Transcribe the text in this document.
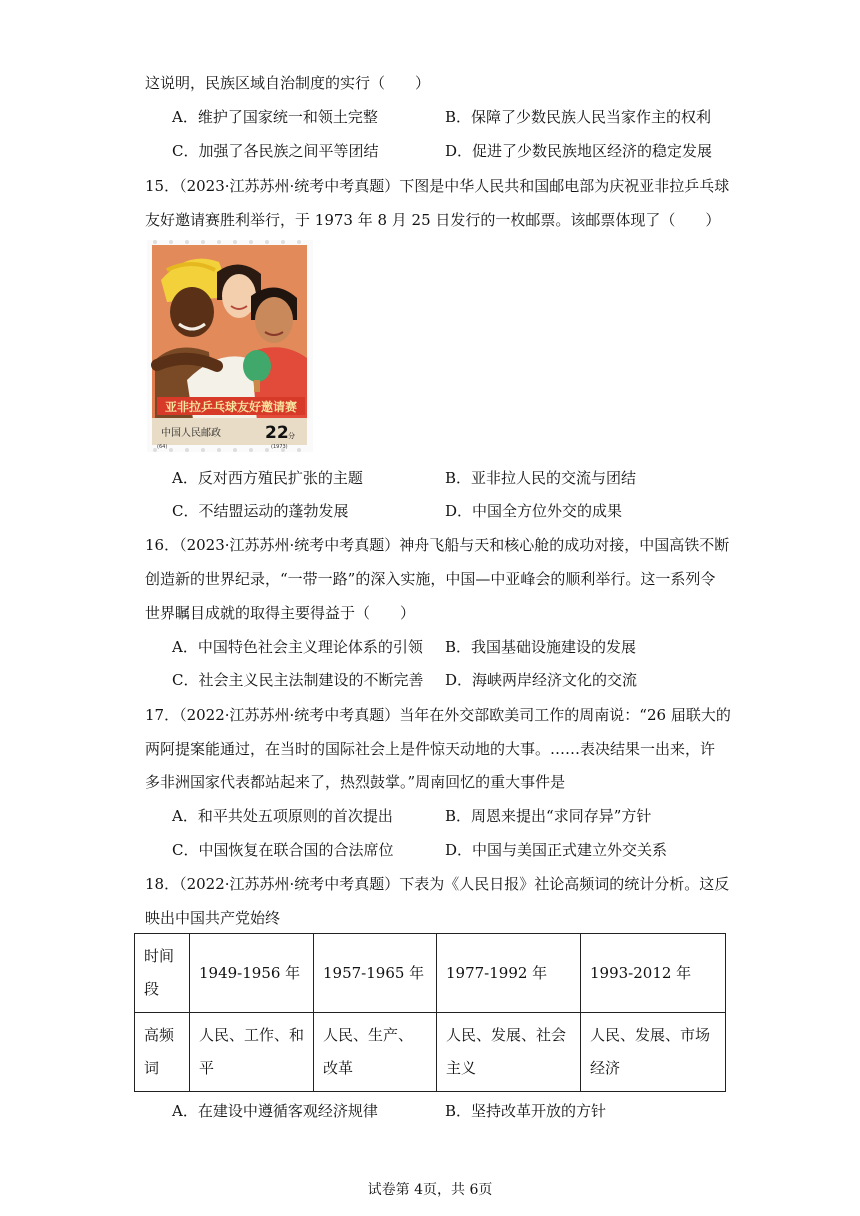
这说明，民族区域自治制度的实行（　　）
A．维护了国家统一和领土完整	B．保障了少数民族人民当家作主的权利
C．加强了各民族之间平等团结	D．促进了少数民族地区经济的稳定发展
15．（2023·江苏苏州·统考中考真题）下图是中华人民共和国邮电部为庆祝亚非拉乒乓球
友好邀请赛胜利举行，于 1973 年 8 月 25 日发行的一枚邮票。该邮票体现了（　　）
亚非拉乒乓球友好邀请赛
中国人民邮政	22 分
(64)	(1973)
A．反对西方殖民扩张的主题	B．亚非拉人民的交流与团结
C．不结盟运动的蓬勃发展	D．中国全方位外交的成果
16．（2023·江苏苏州·统考中考真题）神舟飞船与天和核心舱的成功对接，中国高铁不断
创造新的世界纪录，“一带一路”的深入实施，中国—中亚峰会的顺利举行。这一系列令
世界瞩目成就的取得主要得益于（　　）
A．中国特色社会主义理论体系的引领 B．我国基础设施建设的发展
C．社会主义民主法制建设的不断完善 D．海峡两岸经济文化的交流
17．（2022·江苏苏州·统考中考真题）当年在外交部欧美司工作的周南说：“26 届联大的
两阿提案能通过，在当时的国际社会上是件惊天动地的大事。……表决结果一出来，许
多非洲国家代表都站起来了，热烈鼓掌。”周南回忆的重大事件是
A．和平共处五项原则的首次提出	B．周恩来提出“求同存异”方针
C．中国恢复在联合国的合法席位	D．中国与美国正式建立外交关系
18．（2022·江苏苏州·统考中考真题）下表为《人民日报》社论高频词的统计分析。这反
映出中国共产党始终
时间段	1949-1956 年	1957-1965 年	1977-1992 年	1993-2012 年
高频词	人民、工作、和平	人民、生产、改革	人民、发展、社会主义	人民、发展、市场经济
A．在建设中遵循客观经济规律	B．坚持改革开放的方针
试卷第 4页，共 6页
